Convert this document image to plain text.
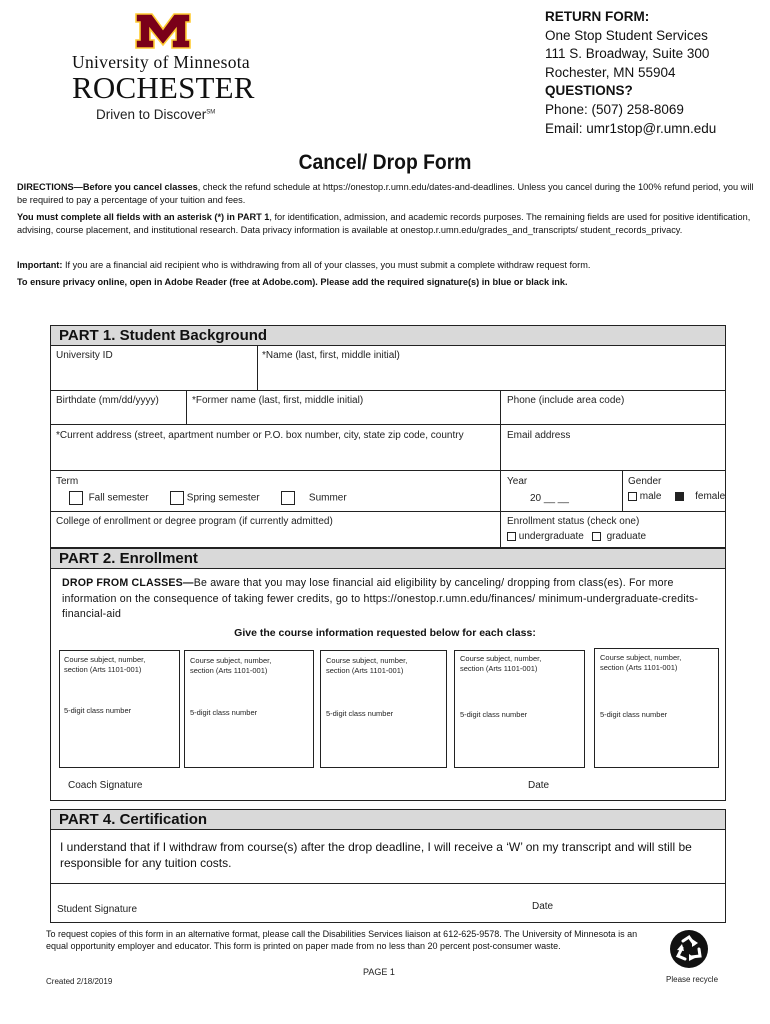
University of Minnesota
ROCHESTER
Driven to Discover℠
RETURN FORM:
One Stop Student Services
111 S. Broadway, Suite 300
Rochester, MN 55904
QUESTIONS?
Phone: (507) 258-8069
Email: umr1stop@r.umn.edu
Cancel/ Drop Form
DIRECTIONS—Before you cancel classes, check the refund schedule at https://onestop.r.umn.edu/dates-and-deadlines. Unless you cancel during the 100% refund period, you will be required to pay a percentage of your tuition and fees.
You must complete all fields with an asterisk (*) in PART 1, for identification, admission, and academic records purposes. The remaining fields are used for positive identification, advising, course placement, and institutional research. Data privacy information is available at onestop.r.umn.edu/grades_and_transcripts/ student_records_privacy.
Important: If you are a financial aid recipient who is withdrawing from all of your classes, you must submit a complete withdraw request form.
To ensure privacy online, open in Adobe Reader (free at Adobe.com). Please add the required signature(s) in blue or black ink.
PART 1. Student Background
University ID	*Name (last, first, middle initial)
Birthdate (mm/dd/yyyy)	*Former name (last, first, middle initial)	Phone (include area code)
*Current address (street, apartment number or P.O. box number, city, state zip code, country	Email address
Term
Fall semester	Spring semester	Summer
Year
20 __ __
Gender
male	female
College of enrollment or degree program (if currently admitted)	Enrollment status (check one)
undergraduate	graduate
PART 2. Enrollment
DROP FROM CLASSES—Be aware that you may lose financial aid eligibility by canceling/ dropping from class(es). For more information on the consequence of taking fewer credits, go to https://onestop.r.umn.edu/finances/ minimum-undergraduate-credits-financial-aid
Give the course information requested below for each class:
Course subject, number, section (Arts 1101-001)
5-digit class number
Course subject, number, section (Arts 1101-001)
5-digit class number
Course subject, number, section (Arts 1101-001)
5-digit class number
Course subject, number, section (Arts 1101-001)
5-digit class number
Course subject, number, section (Arts 1101-001)
5-digit class number
Coach Signature	Date
PART 4. Certification
I understand that if I withdraw from course(s) after the drop deadline, I will receive a ‘W’ on my transcript and will still be responsible for any tuition costs.
Student Signature	Date
To request copies of this form in an alternative format, please call the Disabilities Services liaison at 612-625-9578. The University of Minnesota is an equal opportunity employer and educator. This form is printed on paper made from no less than 20 percent post-consumer waste.
PAGE 1
Created 2/18/2019	Please recycle
